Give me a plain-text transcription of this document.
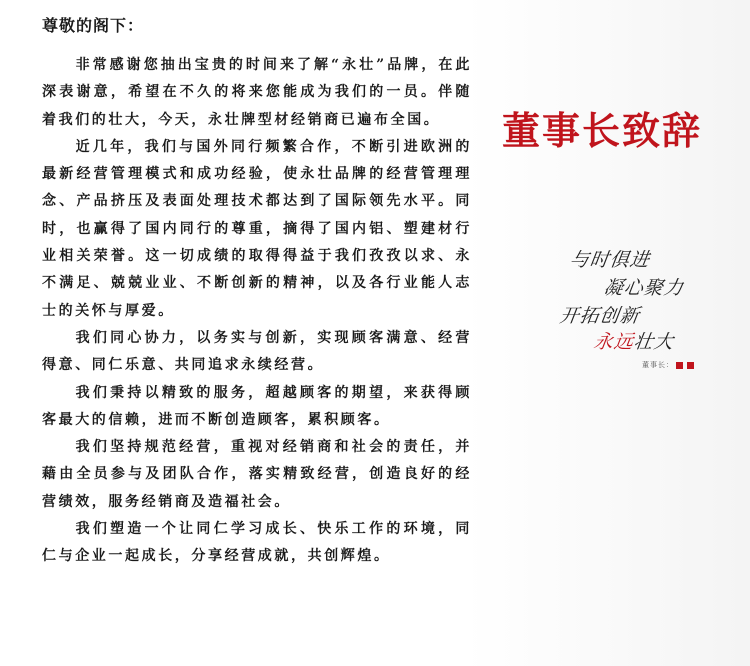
尊敬的阁下：

非常感谢您抽出宝贵的时间来了解“永壮”品牌，在此深表谢意，希望在不久的将来您能成为我们的一员。伴随着我们的壮大，今天，永壮牌型材经销商已遍布全国。

近几年，我们与国外同行频繁合作，不断引进欧洲的最新经营管理模式和成功经验，使永壮品牌的经营管理理念、产品挤压及表面处理技术都达到了国际领先水平。同时，也赢得了国内同行的尊重，摘得了国内铝、塑建材行业相关荣誉。这一切成绩的取得得益于我们孜孜以求、永不满足、兢兢业业、不断创新的精神，以及各行业能人志士的关怀与厚爱。

我们同心协力，以务实与创新，实现顾客满意、经营得意、同仁乐意、共同追求永续经营。

我们秉持以精致的服务，超越顾客的期望，来获得顾客最大的信赖，进而不断创造顾客，累积顾客。

我们坚持规范经营，重视对经销商和社会的责任，并藉由全员参与及团队合作，落实精致经营，创造良好的经营绩效，服务经销商及造福社会。

我们塑造一个让同仁学习成长、快乐工作的环境，同仁与企业一起成长，分享经营成就，共创辉煌。

董事长致辞
与时俱进
凝心聚力
开拓创新
永远壮大
董事长：
